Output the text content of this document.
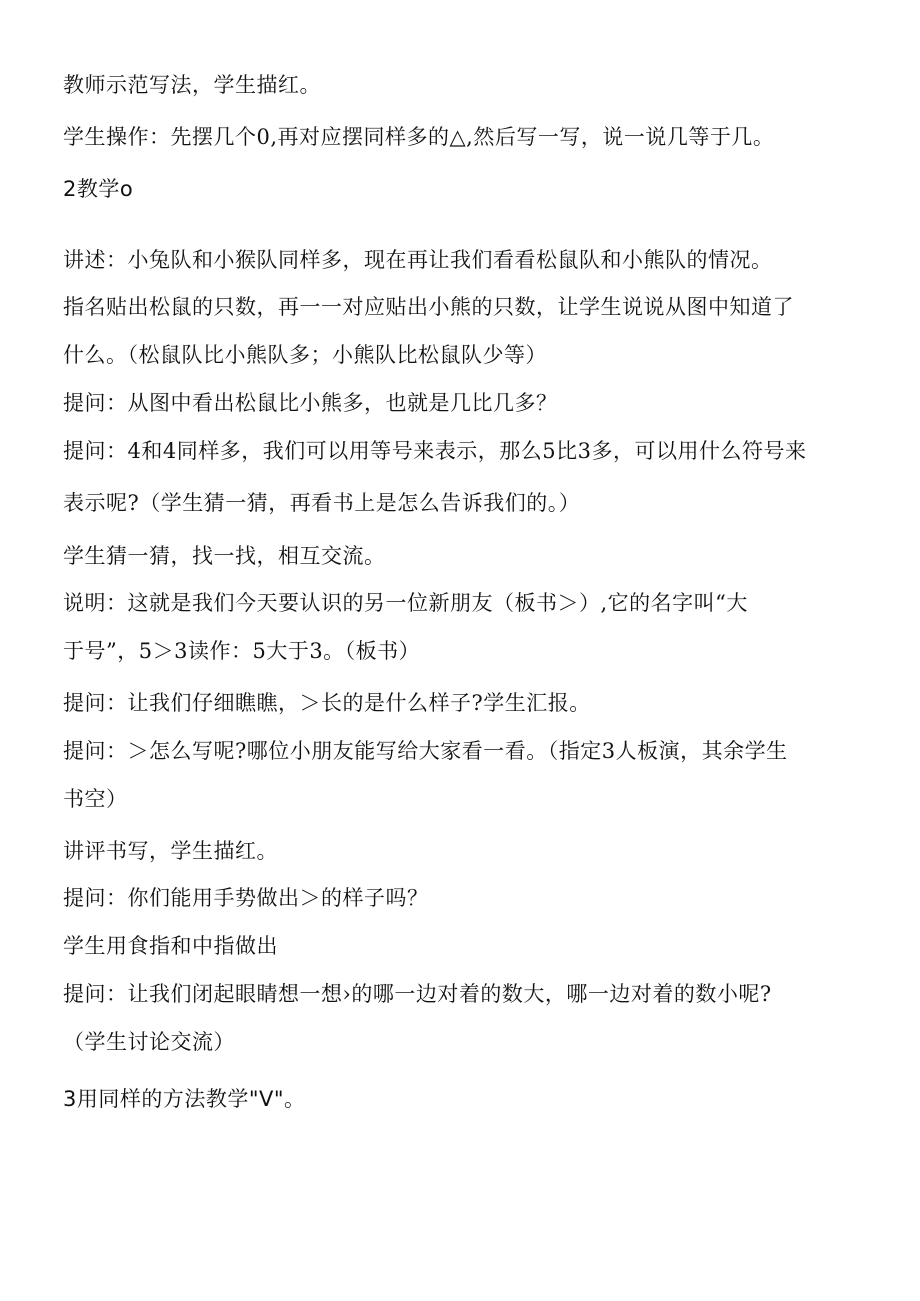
教师示范写法，学生描红。
学生操作：先摆几个0,再对应摆同样多的△,然后写一写，说一说几等于几。
2教学o
讲述：小兔队和小猴队同样多，现在再让我们看看松鼠队和小熊队的情况。
指名贴出松鼠的只数，再一一对应贴出小熊的只数，让学生说说从图中知道了
什么。（松鼠队比小熊队多；小熊队比松鼠队少等）
提问：从图中看出松鼠比小熊多，也就是几比几多？
提问：4和4同样多，我们可以用等号来表示，那么5比3多，可以用什么符号来
表示呢?（学生猜一猜，再看书上是怎么告诉我们的。）
学生猜一猜，找一找，相互交流。
说明：这就是我们今天要认识的另一位新朋友（板书＞）,它的名字叫“大
于号”，5＞3读作：5大于3。（板书）
提问：让我们仔细瞧瞧，＞长的是什么样子?学生汇报。
提问：＞怎么写呢?哪位小朋友能写给大家看一看。（指定3人板演，其余学生
书空）
讲评书写，学生描红。
提问：你们能用手势做出＞的样子吗？
学生用食指和中指做出
提问：让我们闭起眼睛想一想›的哪一边对着的数大，哪一边对着的数小呢?
（学生讨论交流）
3用同样的方法教学"V"。
